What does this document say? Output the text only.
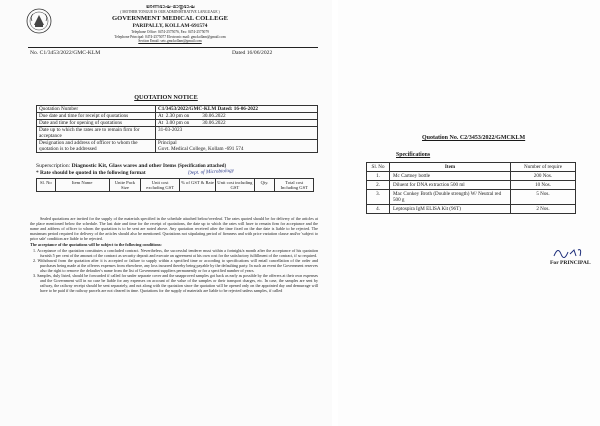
ഭരണഭാഷ–മാതൃഭാഷ
( MOTHER TONGUE IS OUR ADMINISTRATIVE LANGUAGE )
GOVERNMENT MEDICAL COLLEGE
PARIPALLY, KOLLAM-691574
Telephone Office: 0474-2575076, Fax: 0474-2575079
Telephone Principal: 0474-2575077 Electronic mail: gmckollam@gmail.com
Section Email: setc.gmckollam@gmail.com
No. C1/3453/2022/GMC-KLM	Dated 16/06/2022
QUOTATION NOTICE
Quotation Number	C1/3453/2022/GMC-KLM Dated: 16-06-2022
Due date and time for receipt of quotations	At  2.30 pm on          30.06.2022
Date and time for opening of quotations	At  3.00 pm on          30.06.2022
Date up to which the rates are to remain firm for acceptance	31-03-2023
Designation and address of officer to whom the quotation is to be addressed	Principal
Govt. Medical College, Kollam -691 574
Superscription: Diagnostic Kit, Glass wares and other Items (Specification attached)
Dept. of Microbiology
* Rate should be quoted in the following format
Sl. No	Item Name	Unite Pack Size	Unit cost excluding GST	% of GST & Rate	Unit cost including GST	Qty.	Total cost Including GST

Sealed quotations are invited for the supply of the materials specified in the schedule attached below/overleaf. The rates quoted should be for delivery of the articles at the place mentioned below the schedule. The last date and time for the receipt of quotations, the date up to which the rates will have to remain firm for acceptance and the name and address of officer to whom the quotation is to be sent are noted above. Any quotation received after the time fixed on the due date is liable to be rejected. The maximum period required for delivery of the articles should also be mentioned. Quotations not stipulating period of firmness and with price variation clause and/or 'subject to prior sale' condition are liable to be rejected.

The acceptance of the quotations will be subject to the following conditions:

1. Acceptance of the quotation constitutes a concluded contract. Nevertheless, the successful tenderer must within a fortnight/a month after the acceptance of his quotation furnish 5 per cent of the amount of the contract as security deposit and execute an agreement at his own cost for the satisfactory fulfillment of the contract, if so required.

2. Withdrawal from the quotation after it is accepted or failure to supply within a specified time or according to specifications will entail cancellation of the order and purchases being made at the offerers expenses from elsewhere, any loss incurred thereby being payable by the defaulting party. In such an event the Government reserves also the right to remove the defaulter's name from the list of Government suppliers permanently or for a specified number of years.

3. Samples, duly listed, should be forwarded if called for under separate cover and the unapproved samples got back as early as possible by the offerers at their own expenses and the Government will in no case be liable for any expenses on account of the value of the samples or their transport charges, etc. In case, the samples are sent by railway, the railway receipt should be sent separately, and not along with the quotation since the quotation will be opened only on the appointed day and demurrage will have to be paid if the railway parcels are not cleared in time. Quotations for the supply of materials are liable to be rejected unless samples, if called

Quotation No. C2/3453/2022/GMCKLM
Specifications
Sl. No	Item	Number of require
1.	Mc Cartney bottle	200 Nos.
2.	Diluent for DNA extraction 500 ml	10 Nos.
3.	Mac Conkey Broth (Double strength) W/ Neutral red 500 g	5 Nos.
4.	Leptospira IgM ELISA Kit (96T)	2 Nos.
For PRINCIPAL
